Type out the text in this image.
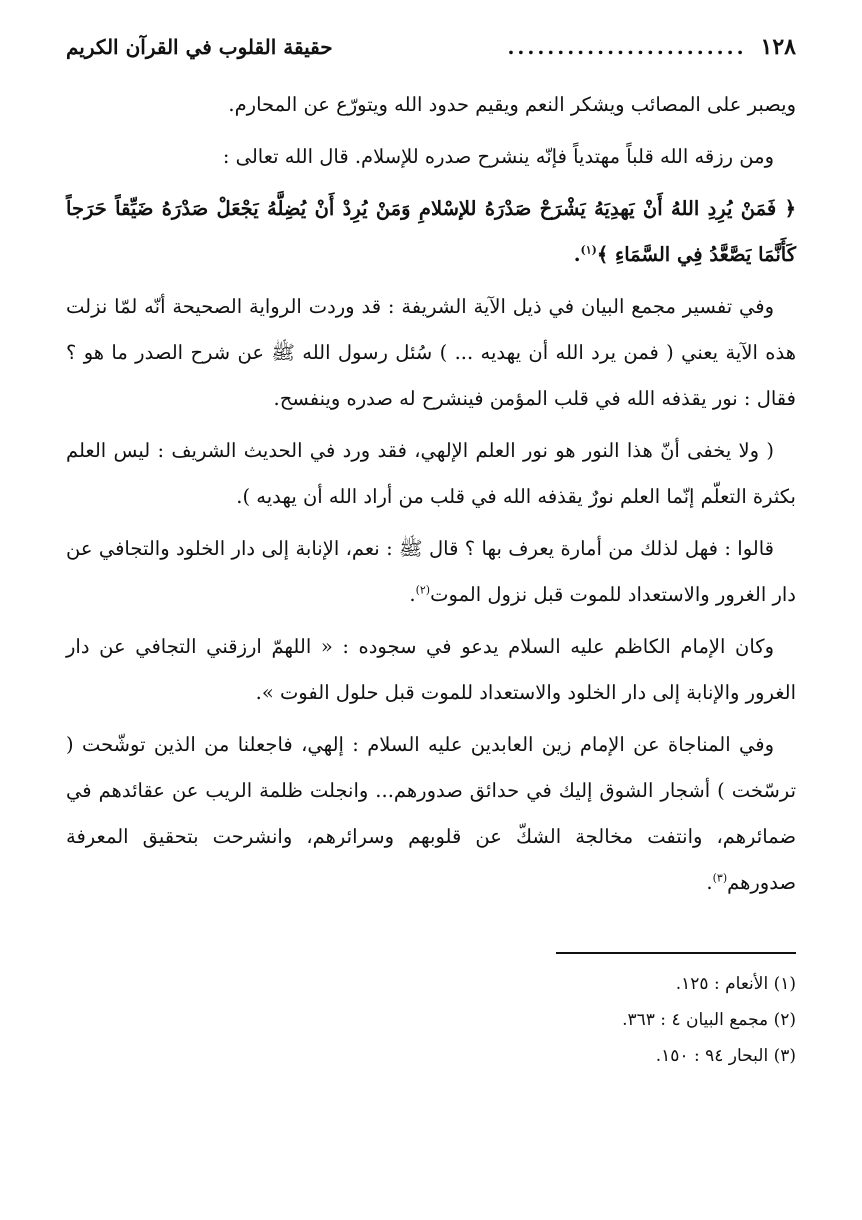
١٢٨
........................
حقيقة القلوب في القرآن الكريم

ويصبر على المصائب ويشكر النعم ويقيم حدود الله ويتورّع عن المحارم.

ومن رزقه الله قلباً مهتدياً فإنّه ينشرح صدره للإسلام. قال الله تعالى :

﴿ فَمَنْ يُرِدِ اللهُ أَنْ يَهدِيَهُ يَشْرَحْ صَدْرَهُ للإسْلامِ وَمَنْ يُرِدْ أَنْ يُضِلَّهُ يَجْعَلْ صَدْرَهُ ضَيِّقاً حَرَجاً كَأَنَّمَا يَصَّعَّدُ فِي السَّمَاءِ ﴾$^{(١)}$.

وفي تفسير مجمع البيان في ذيل الآية الشريفة : قد وردت الرواية الصحيحة أنّه لمّا نزلت هذه الآية يعني ( فمن يرد الله أن يهديه ... ) سُئل رسول الله ﷺ عن شرح الصدر ما هو ؟ فقال : نور يقذفه الله في قلب المؤمن فينشرح له صدره وينفسح.

( ولا يخفى أنّ هذا النور هو نور العلم الإلهي، فقد ورد في الحديث الشريف : ليس العلم بكثرة التعلّم إنّما العلم نورٌ يقذفه الله في قلب من أراد الله أن يهديه ).

قالوا : فهل لذلك من أمارة يعرف بها ؟ قال ﷺ : نعم، الإنابة إلى دار الخلود والتجافي عن دار الغرور والاستعداد للموت قبل نزول الموت$^{(٢)}$.

وكان الإمام الكاظم عليه السلام يدعو في سجوده : « اللهمّ ارزقني التجافي عن دار الغرور والإنابة إلى دار الخلود والاستعداد للموت قبل حلول الفوت ».

وفي المناجاة عن الإمام زين العابدين عليه السلام : إلهي، فاجعلنا من الذين توشّحت ( ترسّخت ) أشجار الشوق إليك في حدائق صدورهم... وانجلت ظلمة الريب عن عقائدهم في ضمائرهم، وانتفت مخالجة الشكّ عن قلوبهم وسرائرهم، وانشرحت بتحقيق المعرفة صدورهم$^{(٣)}$.

(١) الأنعام : ١٢٥.
(٢) مجمع البيان ٤ : ٣٦٣.
(٣) البحار ٩٤ : ١٥٠.
